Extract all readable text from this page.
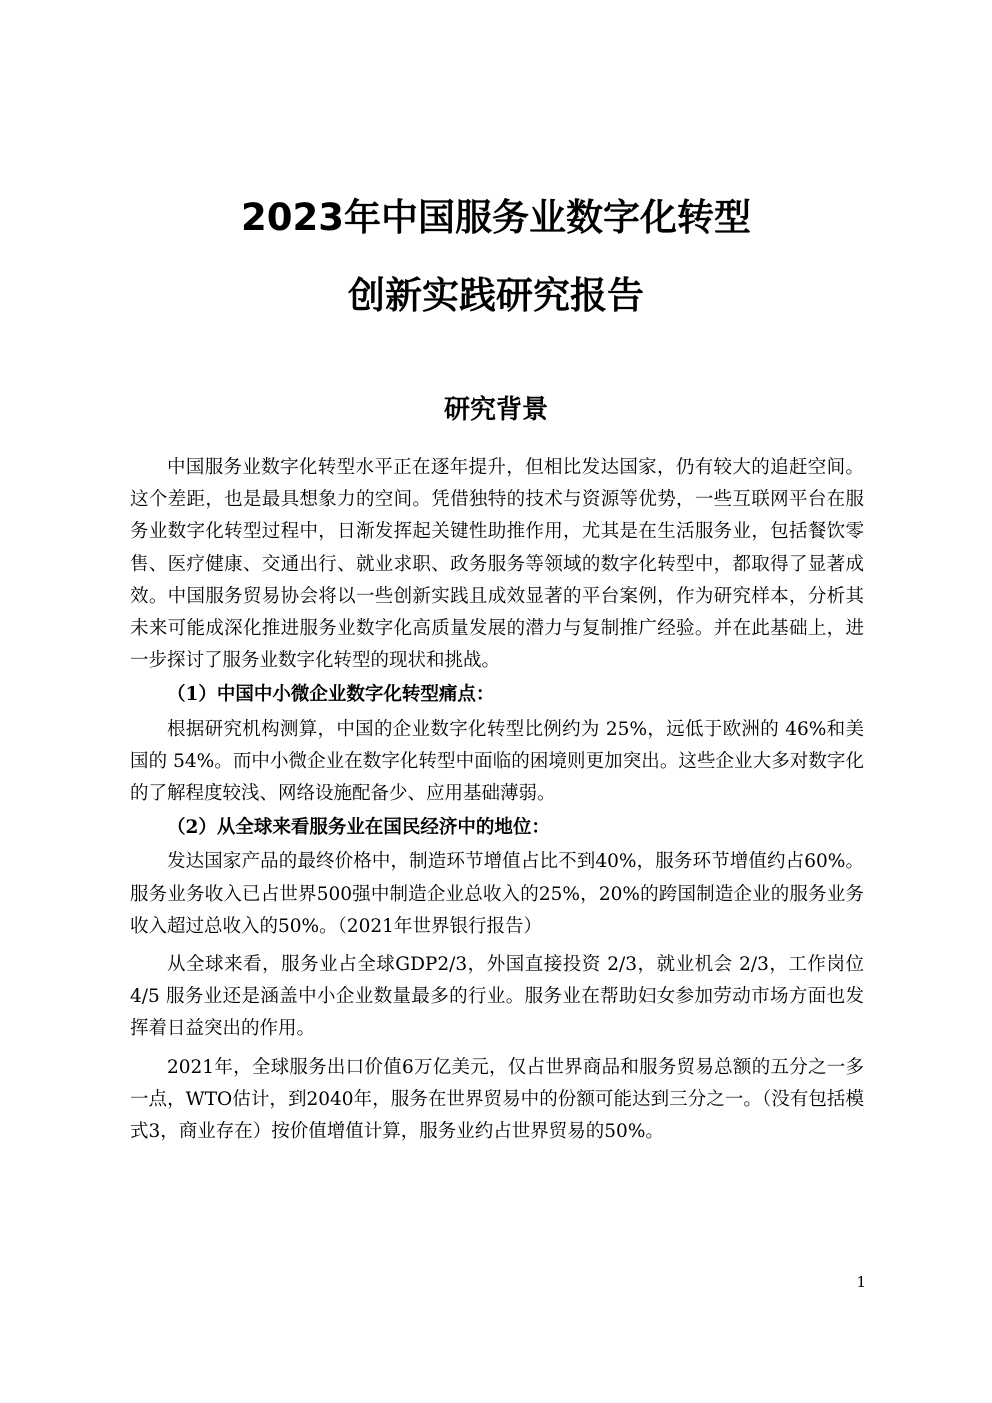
2023年中国服务业数字化转型
创新实践研究报告
研究背景

中国服务业数字化转型水平正在逐年提升，但相比发达国家，仍有较大的追赶空间。这个差距，也是最具想象力的空间。凭借独特的技术与资源等优势，一些互联网平台在服务业数字化转型过程中，日渐发挥起关键性助推作用，尤其是在生活服务业，包括餐饮零售、医疗健康、交通出行、就业求职、政务服务等领域的数字化转型中，都取得了显著成效。中国服务贸易协会将以一些创新实践且成效显著的平台案例，作为研究样本，分析其未来可能成深化推进服务业数字化高质量发展的潜力与复制推广经验。并在此基础上，进一步探讨了服务业数字化转型的现状和挑战。

（1）中国中小微企业数字化转型痛点：

根据研究机构测算，中国的企业数字化转型比例约为 25%，远低于欧洲的 46%和美国的 54%。而中小微企业在数字化转型中面临的困境则更加突出。这些企业大多对数字化的了解程度较浅、网络设施配备少、应用基础薄弱。

（2）从全球来看服务业在国民经济中的地位：

发达国家产品的最终价格中，制造环节增值占比不到40%，服务环节增值约占60%。服务业务收入已占世界500强中制造企业总收入的25%，20%的跨国制造企业的服务业务收入超过总收入的50%。（2021年世界银行报告）

从全球来看，服务业占全球GDP2/3，外国直接投资 2/3，就业机会 2/3，工作岗位 4/5 服务业还是涵盖中小企业数量最多的行业。服务业在帮助妇女参加劳动市场方面也发挥着日益突出的作用。

2021年，全球服务出口价值6万亿美元，仅占世界商品和服务贸易总额的五分之一多一点，WTO估计，到2040年，服务在世界贸易中的份额可能达到三分之一。（没有包括模式3，商业存在）按价值增值计算，服务业约占世界贸易的50%。

1
